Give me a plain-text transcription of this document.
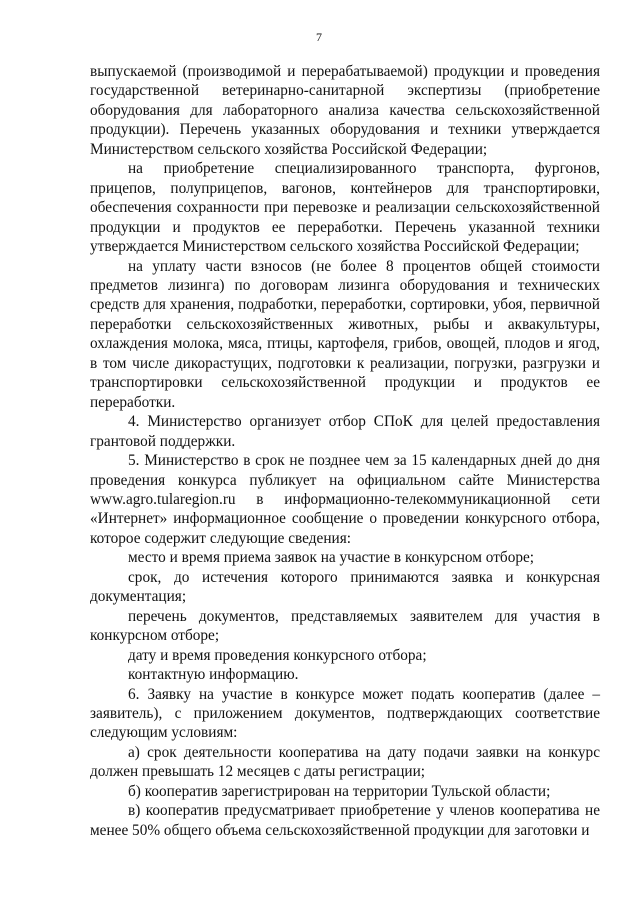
7

выпускаемой (производимой и перерабатываемой) продукции и проведения государственной ветеринарно-санитарной экспертизы (приобретение оборудования для лабораторного анализа качества сельскохозяйственной продукции). Перечень указанных оборудования и техники утверждается Министерством сельского хозяйства Российской Федерации;

на приобретение специализированного транспорта, фургонов, прицепов, полуприцепов, вагонов, контейнеров для транспортировки, обеспечения сохранности при перевозке и реализации сельскохозяйственной продукции и продуктов ее переработки. Перечень указанной техники утверждается Министерством сельского хозяйства Российской Федерации;

на уплату части взносов (не более 8 процентов общей стоимости предметов лизинга) по договорам лизинга оборудования и технических средств для хранения, подработки, переработки, сортировки, убоя, первичной переработки сельскохозяйственных животных, рыбы и аквакультуры, охлаждения молока, мяса, птицы, картофеля, грибов, овощей, плодов и ягод, в том числе дикорастущих, подготовки к реализации, погрузки, разгрузки и транспортировки сельскохозяйственной продукции и продуктов ее переработки.

4. Министерство организует отбор СПоК для целей предоставления грантовой поддержки.

5. Министерство в срок не позднее чем за 15 календарных дней до дня проведения конкурса публикует на официальном сайте Министерства www.agro.tularegion.ru в информационно-телекоммуникационной сети «Интернет» информационное сообщение о проведении конкурсного отбора, которое содержит следующие сведения:

место и время приема заявок на участие в конкурсном отборе;

срок, до истечения которого принимаются заявка и конкурсная документация;

перечень документов, представляемых заявителем для участия в конкурсном отборе;

дату и время проведения конкурсного отбора;

контактную информацию.

6. Заявку на участие в конкурсе может подать кооператив (далее – заявитель), с приложением документов, подтверждающих соответствие следующим условиям:

а) срок деятельности кооператива на дату подачи заявки на конкурс должен превышать 12 месяцев с даты регистрации;

б) кооператив зарегистрирован на территории Тульской области;

в) кооператив предусматривает приобретение у членов кооператива не менее 50% общего объема сельскохозяйственной продукции для заготовки и
